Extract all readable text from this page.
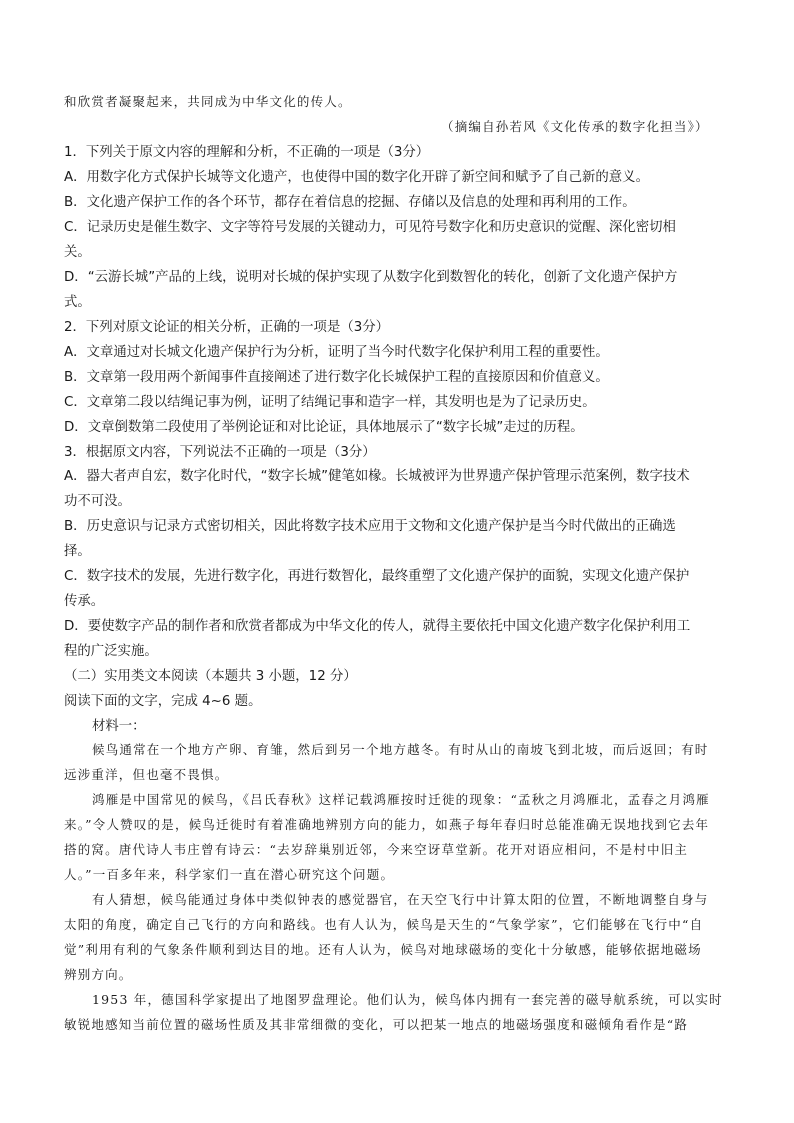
和欣赏者凝聚起来，共同成为中华文化的传人。
（摘编自孙若风《文化传承的数字化担当》）
1．下列关于原文内容的理解和分析，不正确的一项是（3分）
A．用数字化方式保护长城等文化遗产，也使得中国的数字化开辟了新空间和赋予了自己新的意义。
B．文化遗产保护工作的各个环节，都存在着信息的挖掘、存储以及信息的处理和再利用的工作。
C．记录历史是催生数字、文字等符号发展的关键动力，可见符号数字化和历史意识的觉醒、深化密切相
关。
D．“云游长城”产品的上线，说明对长城的保护实现了从数字化到数智化的转化，创新了文化遗产保护方
式。
2．下列对原文论证的相关分析，正确的一项是（3分）
A．文章通过对长城文化遗产保护行为分析，证明了当今时代数字化保护利用工程的重要性。
B．文章第一段用两个新闻事件直接阐述了进行数字化长城保护工程的直接原因和价值意义。
C．文章第二段以结绳记事为例，证明了结绳记事和造字一样，其发明也是为了记录历史。
D．文章倒数第二段使用了举例论证和对比论证，具体地展示了“数字长城”走过的历程。
3．根据原文内容，下列说法不正确的一项是（3分）
A．器大者声自宏，数字化时代，“数字长城”健笔如椽。长城被评为世界遗产保护管理示范案例，数字技术
功不可没。
B．历史意识与记录方式密切相关，因此将数字技术应用于文物和文化遗产保护是当今时代做出的正确选
择。
C．数字技术的发展，先进行数字化，再进行数智化，最终重塑了文化遗产保护的面貌，实现文化遗产保护
传承。
D．要使数字产品的制作者和欣赏者都成为中华文化的传人，就得主要依托中国文化遗产数字化保护利用工
程的广泛实施。
（二）实用类文本阅读（本题共 3 小题，12 分）
阅读下面的文字，完成 4~6 题。
材料一：
候鸟通常在一个地方产卵、育雏，然后到另一个地方越冬。有时从山的南坡飞到北坡，而后返回；有时
远涉重洋，但也毫不畏惧。
鸿雁是中国常见的候鸟，《吕氏春秋》这样记载鸿雁按时迁徙的现象：“孟秋之月鸿雁北，孟春之月鸿雁
来。”令人赞叹的是，候鸟迁徙时有着准确地辨别方向的能力，如燕子每年春归时总能准确无误地找到它去年
搭的窝。唐代诗人韦庄曾有诗云：“去岁辞巢别近邻，今来空讶草堂新。花开对语应相问，不是村中旧主
人。”一百多年来，科学家们一直在潜心研究这个问题。
有人猜想，候鸟能通过身体中类似钟表的感觉器官，在天空飞行中计算太阳的位置，不断地调整自身与
太阳的角度，确定自己飞行的方向和路线。也有人认为，候鸟是天生的“气象学家”，它们能够在飞行中“自
觉”利用有利的气象条件顺利到达目的地。还有人认为，候鸟对地球磁场的变化十分敏感，能够依据地磁场
辨别方向。
1953 年，德国科学家提出了地图罗盘理论。他们认为，候鸟体内拥有一套完善的磁导航系统，可以实时
敏锐地感知当前位置的磁场性质及其非常细微的变化，可以把某一地点的地磁场强度和磁倾角看作是“路
